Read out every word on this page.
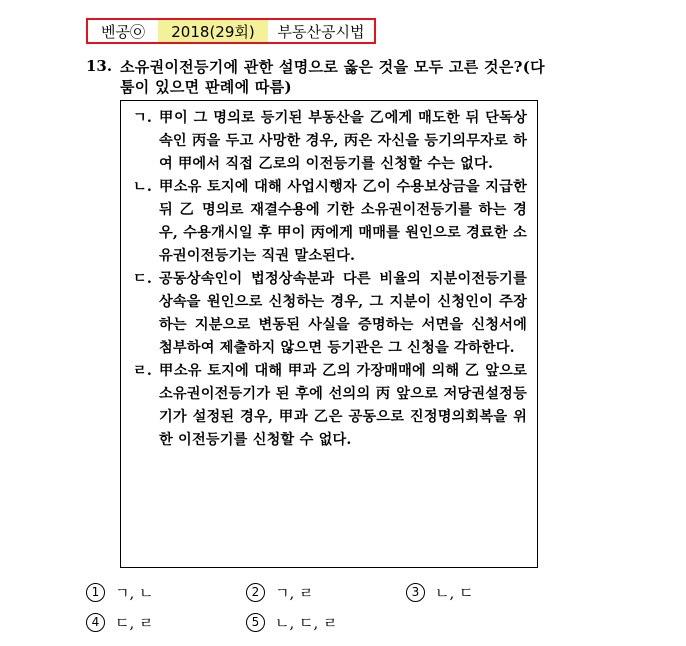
벤공㉧	2018(29회)	부동산공시법
13. 소유권이전등기에 관한 설명으로 옳은 것을 모두 고른 것은?(다툼이 있으면 판례에 따름)
ㄱ. 甲이 그 명의로 등기된 부동산을 乙에게 매도한 뒤 단독상속인 丙을 두고 사망한 경우, 丙은 자신을 등기의무자로 하여 甲에서 직접 乙로의 이전등기를 신청할 수는 없다.
ㄴ. 甲소유 토지에 대해 사업시행자 乙이 수용보상금을 지급한 뒤 乙 명의로 재결수용에 기한 소유권이전등기를 하는 경우, 수용개시일 후 甲이 丙에게 매매를 원인으로 경료한 소유권이전등기는 직권 말소된다.
ㄷ. 공동상속인이 법정상속분과 다른 비율의 지분이전등기를 상속을 원인으로 신청하는 경우, 그 지분이 신청인이 주장하는 지분으로 변동된 사실을 증명하는 서면을 신청서에 첨부하여 제출하지 않으면 등기관은 그 신청을 각하한다.
ㄹ. 甲소유 토지에 대해 甲과 乙의 가장매매에 의해 乙 앞으로 소유권이전등기가 된 후에 선의의 丙 앞으로 저당권설정등기가 설정된 경우, 甲과 乙은 공동으로 진정명의회복을 위한 이전등기를 신청할 수 없다.
1	ㄱ, ㄴ	2	ㄱ, ㄹ	3	ㄴ, ㄷ
4	ㄷ, ㄹ	5	ㄴ, ㄷ, ㄹ
